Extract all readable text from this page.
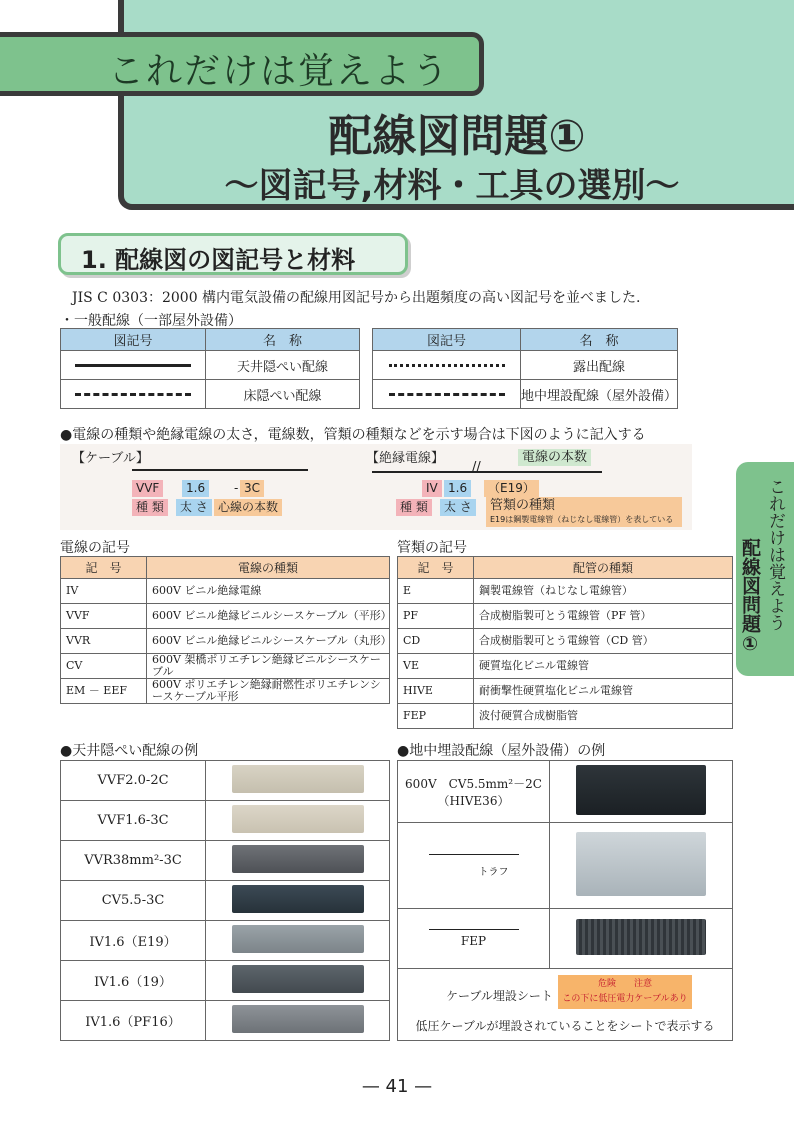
これだけは覚えよう
配線図問題①
〜図記号,材料・工具の選別〜
1. 配線図の図記号と材料
JIS C 0303：2000 構内電気設備の配線用図記号から出題頻度の高い図記号を並べました.
・一般配線（一部屋外設備）
図記号	名　称
	天井隠ぺい配線
	床隠ぺい配線
図記号	名　称
	露出配線
	地中埋設配線（屋外設備）
●電線の種類や絶縁電線の太さ，電線数，管類の種類などを示す場合は下図のように記入する
【ケーブル】
VVF	1.6	- 3C
種 類	太 さ 心線の本数
【絶縁電線】	電線の本数
//
IV 1.6	（E19）
種 類	太 さ	管類の種類
E19は鋼製電線管（ねじなし電線管）を表している
電線の記号
記　号	電線の種類
IV	600V ビニル絶縁電線
VVF	600V ビニル絶縁ビニルシースケーブル（平形）
VVR	600V ビニル絶縁ビニルシースケーブル（丸形）
CV	600V 架橋ポリエチレン絶縁ビニルシースケーブル
EM － EEF	600V ポリエチレン絶縁耐燃性ポリエチレンシースケーブル平形
管類の記号
記　号	配管の種類
E	鋼製電線管（ねじなし電線管）
PF	合成樹脂製可とう電線管（PF 管）
CD	合成樹脂製可とう電線管（CD 管）
VE	硬質塩化ビニル電線管
HIVE	耐衝撃性硬質塩化ビニル電線管
FEP	波付硬質合成樹脂管
これだけは覚えよう
配線図問題①
●天井隠ぺい配線の例
VVF2.0-2C	
VVF1.6-3C	
VVR38mm²-3C	
CV5.5-3C	
IV1.6（E19）	
IV1.6（19）	
IV1.6（PF16）	
●地中埋設配線（屋外設備）の例
600V　CV5.5mm²－2C
（HIVE36）	

トラフ	

FEP	

ケーブル埋設シート
危険　　注意
この下に低圧電力ケーブルあり
低圧ケーブルが埋設されていることをシートで表示する	
— 41 —
